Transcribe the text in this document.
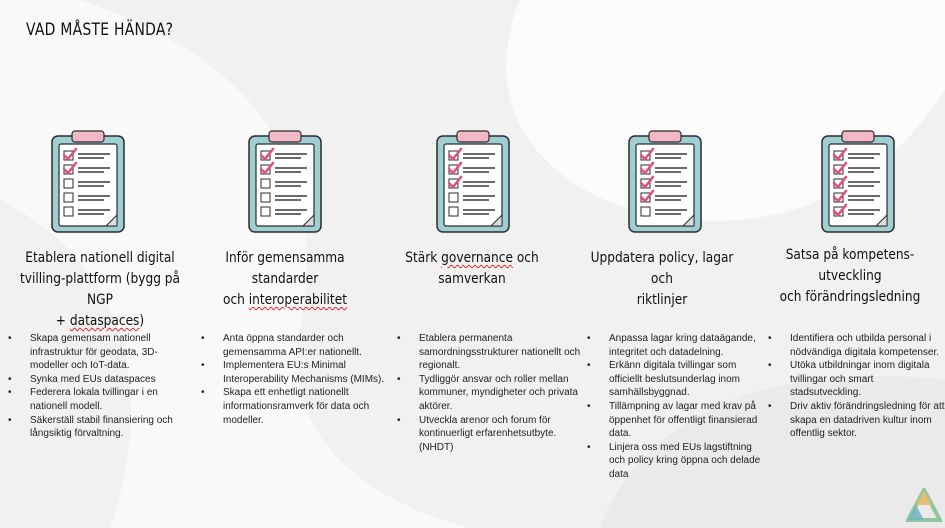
VAD MÅSTE HÄNDA?
Etablera nationell digital
tvilling-plattform (bygg på NGP
+ dataspaces)
• Skapa gemensam nationell infrastruktur för geodata, 3D-modeller och IoT-data.
• Synka med EUs dataspaces
• Federera lokala tvillingar i en nationell modell.
• Säkerställ stabil finansiering och långsiktig förvaltning.
Inför gemensamma standarder
och interoperabilitet
• Anta öppna standarder och gemensamma API:er nationellt.
• Implementera EU:s Minimal Interoperability Mechanisms (MIMs).
• Skapa ett enhetligt nationellt informationsramverk för data och modeller.
Stärk governance och
samverkan
• Etablera permanenta samordningsstrukturer nationellt och regionalt.
• Tydliggör ansvar och roller mellan kommuner, myndigheter och privata aktörer.
• Utveckla arenor och forum för kontinuerligt erfarenhetsutbyte. (NHDT)
Uppdatera policy, lagar och
riktlinjer
• Anpassa lagar kring dataägande, integritet och datadelning.
• Erkänn digitala tvillingar som officiellt beslutsunderlag inom samhällsbyggnad.
• Tillämpning av lagar med krav på öppenhet för offentligt finansierad data.
• Linjera oss med EUs lagstiftning och policy kring öppna och delade data
Satsa på kompetens-utveckling
och förändringsledning
• Identifiera och utbilda personal i nödvändiga digitala kompetenser.
• Utöka utbildningar inom digitala tvillingar och smart stadsutveckling.
• Driv aktiv förändringsledning för att skapa en datadriven kultur inom offentlig sektor.
